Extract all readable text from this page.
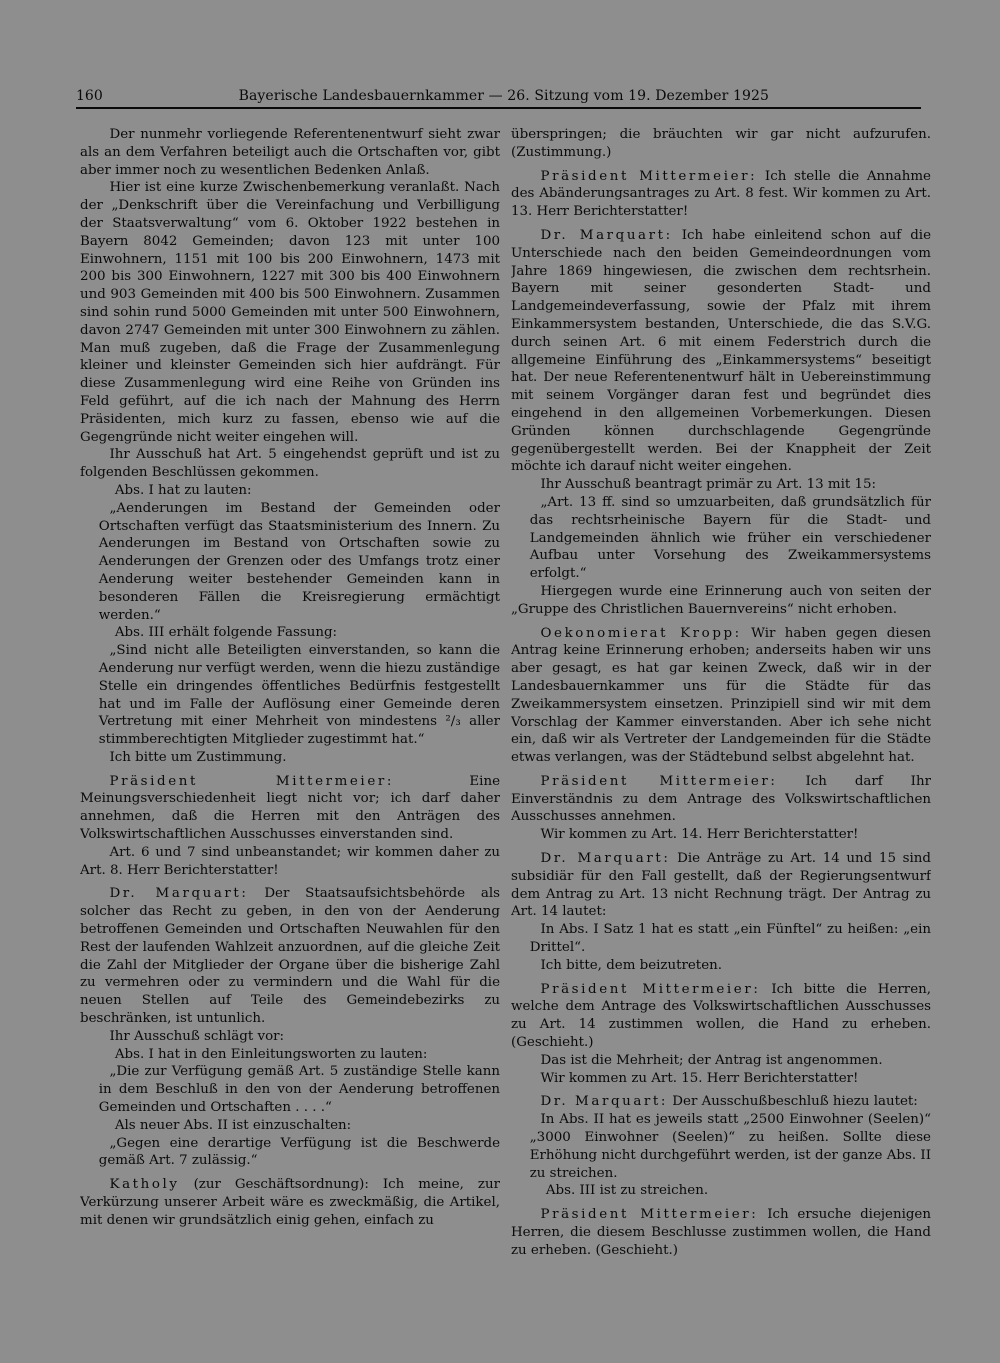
160	Bayerische Landesbauernkammer — 26. Sitzung vom 19. Dezember 1925

Der nunmehr vorliegende Referentenentwurf sieht zwar als an dem Verfahren beteiligt auch die Ortschaften vor, gibt aber immer noch zu wesentlichen Bedenken Anlaß.

Hier ist eine kurze Zwischenbemerkung veranlaßt. Nach der „Denkschrift über die Vereinfachung und Verbilligung der Staatsverwaltung“ vom 6. Oktober 1922 bestehen in Bayern 8042 Gemeinden; davon 123 mit unter 100 Einwohnern, 1151 mit 100 bis 200 Einwohnern, 1473 mit 200 bis 300 Einwohnern, 1227 mit 300 bis 400 Einwohnern und 903 Gemeinden mit 400 bis 500 Einwohnern. Zusammen sind sohin rund 5000 Gemeinden mit unter 500 Einwohnern, davon 2747 Gemeinden mit unter 300 Einwohnern zu zählen. Man muß zugeben, daß die Frage der Zusammenlegung kleiner und kleinster Gemeinden sich hier aufdrängt. Für diese Zusammenlegung wird eine Reihe von Gründen ins Feld geführt, auf die ich nach der Mahnung des Herrn Präsidenten, mich kurz zu fassen, ebenso wie auf die Gegengründe nicht weiter eingehen will.

Ihr Ausschuß hat Art. 5 eingehendst geprüft und ist zu folgenden Beschlüssen gekommen.

Abs. I hat zu lauten:

„Aenderungen im Bestand der Gemeinden oder Ortschaften verfügt das Staatsministerium des Innern. Zu Aenderungen im Bestand von Ortschaften sowie zu Aenderungen der Grenzen oder des Umfangs trotz einer Aenderung weiter bestehender Gemeinden kann in besonderen Fällen die Kreisregierung ermächtigt werden.“

Abs. III erhält folgende Fassung:

„Sind nicht alle Beteiligten einverstanden, so kann die Aenderung nur verfügt werden, wenn die hiezu zuständige Stelle ein dringendes öffentliches Bedürfnis festgestellt hat und im Falle der Auflösung einer Gemeinde deren Vertretung mit einer Mehrheit von mindestens ²/₃ aller stimmberechtigten Mitglieder zugestimmt hat.“

Ich bitte um Zustimmung.

Präsident Mittermeier:	Eine Meinungsverschiedenheit liegt nicht vor; ich darf daher annehmen, daß die Herren mit den Anträgen des Volkswirtschaftlichen Ausschusses einverstanden sind.

Art. 6 und 7 sind unbeanstandet; wir kommen daher zu Art. 8. Herr Berichterstatter!

Dr. Marquart: Der Staatsaufsichtsbehörde als solcher das Recht zu geben, in den von der Aenderung betroffenen Gemeinden und Ortschaften Neuwahlen für den Rest der laufenden Wahlzeit anzuordnen, auf die gleiche Zeit die Zahl der Mitglieder der Organe über die bisherige Zahl zu vermehren oder zu vermindern und die Wahl für die neuen Stellen auf Teile des Gemeindebezirks zu beschränken, ist untunlich.

Ihr Ausschuß schlägt vor:

Abs. I hat in den Einleitungsworten zu lauten:

„Die zur Verfügung gemäß Art. 5 zuständige Stelle kann in dem Beschluß in den von der Aenderung betroffenen Gemeinden und Ortschaften . . . .“

Als neuer Abs. II ist einzuschalten:

„Gegen eine derartige Verfügung ist die Beschwerde gemäß Art. 7 zulässig.“

Katholy (zur Geschäftsordnung): Ich meine, zur Verkürzung unserer Arbeit wäre es zweckmäßig, die Artikel, mit denen wir grundsätzlich einig gehen, einfach zu

überspringen; die bräuchten wir gar nicht aufzurufen. (Zustimmung.)

Präsident Mittermeier: Ich stelle die Annahme des Abänderungsantrages zu Art. 8 fest. Wir kommen zu Art. 13. Herr Berichterstatter!

Dr. Marquart: Ich habe einleitend schon auf die Unterschiede nach den beiden Gemeindeordnungen vom Jahre 1869 hingewiesen, die zwischen dem rechtsrhein. Bayern mit seiner gesonderten Stadt- und Landgemeindeverfassung, sowie der Pfalz mit ihrem Einkammersystem bestanden, Unterschiede, die das S.V.G. durch seinen Art. 6 mit einem Federstrich durch die allgemeine Einführung des „Einkammersystems“ beseitigt hat. Der neue Referentenentwurf hält in Uebereinstimmung mit seinem Vorgänger daran fest und begründet dies eingehend in den allgemeinen Vorbemerkungen. Diesen Gründen können durchschlagende Gegengründe gegenübergestellt werden. Bei der Knappheit der Zeit möchte ich darauf nicht weiter eingehen.

Ihr Ausschuß beantragt primär zu Art. 13 mit 15:

„Art. 13 ff. sind so umzuarbeiten, daß grundsätzlich für das rechtsrheinische Bayern für die Stadt- und Landgemeinden ähnlich wie früher ein verschiedener Aufbau unter Vorsehung des Zweikammersystems erfolgt.“

Hiergegen wurde eine Erinnerung auch von seiten der „Gruppe des Christlichen Bauernvereins“ nicht erhoben.

Oekonomierat Kropp: Wir haben gegen diesen Antrag keine Erinnerung erhoben; anderseits haben wir uns aber gesagt, es hat gar keinen Zweck, daß wir in der Landesbauernkammer uns für die Städte für das Zweikammersystem einsetzen. Prinzipiell sind wir mit dem Vorschlag der Kammer einverstanden. Aber ich sehe nicht ein, daß wir als Vertreter der Landgemeinden für die Städte etwas verlangen, was der Städtebund selbst abgelehnt hat.

Präsident Mittermeier: Ich darf Ihr Einverständnis zu dem Antrage des Volkswirtschaftlichen Ausschusses annehmen.

Wir kommen zu Art. 14. Herr Berichterstatter!

Dr. Marquart: Die Anträge zu Art. 14 und 15 sind subsidiär für den Fall gestellt, daß der Regierungsentwurf dem Antrag zu Art. 13 nicht Rechnung trägt. Der Antrag zu Art. 14 lautet:

In Abs. I Satz 1 hat es statt „ein Fünftel“ zu heißen: „ein Drittel“.

Ich bitte, dem beizutreten.

Präsident Mittermeier: Ich bitte die Herren, welche dem Antrage des Volkswirtschaftlichen Ausschusses zu Art. 14 zustimmen wollen, die Hand zu erheben. (Geschieht.)

Das ist die Mehrheit; der Antrag ist angenommen.

Wir kommen zu Art. 15. Herr Berichterstatter!

Dr. Marquart: Der Ausschußbeschluß hiezu lautet:

In Abs. II hat es jeweils statt „2500 Einwohner (Seelen)“ „3000 Einwohner (Seelen)“ zu heißen. Sollte diese Erhöhung nicht durchgeführt werden, ist der ganze Abs. II zu streichen.

Abs. III ist zu streichen.

Präsident Mittermeier: Ich ersuche diejenigen Herren, die diesem Beschlusse zustimmen wollen, die Hand zu erheben. (Geschieht.)
